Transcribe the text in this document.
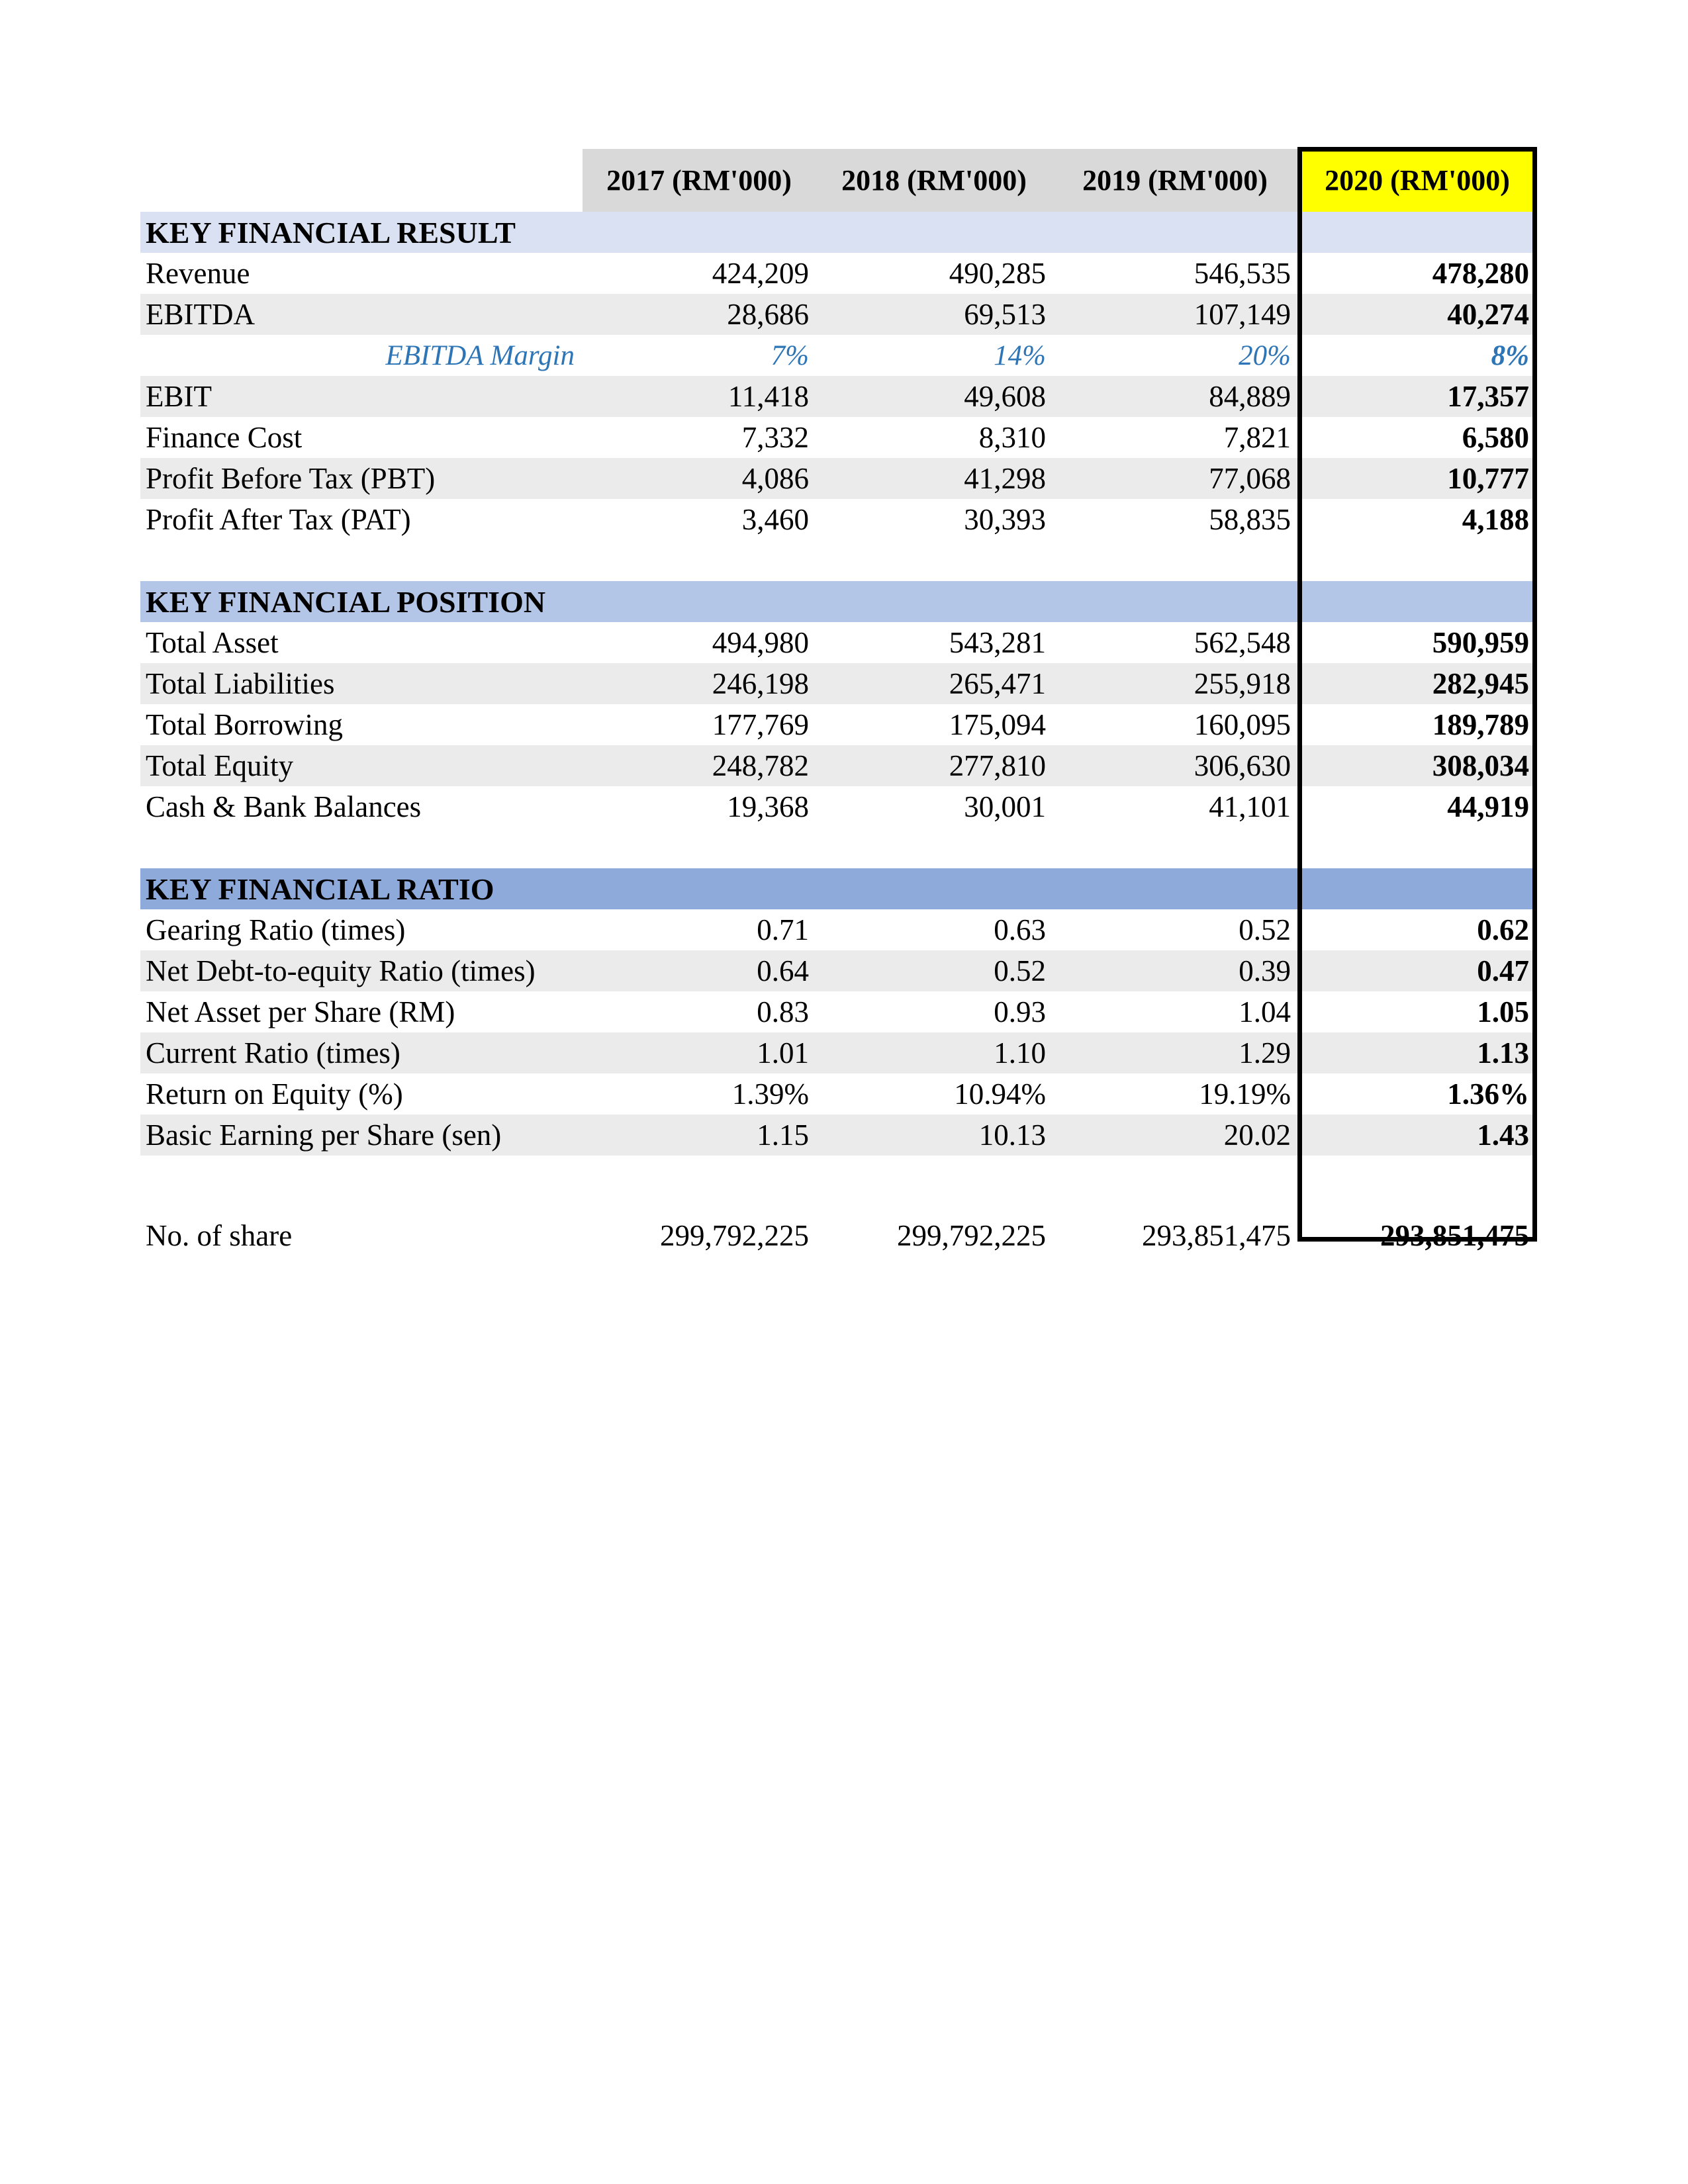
2017 (RM'000)	2018 (RM'000)	2019 (RM'000)	2020 (RM'000)
KEY FINANCIAL RESULT
Revenue	424,209	490,285	546,535	478,280
EBITDA	28,686	69,513	107,149	40,274
EBITDA Margin	7%	14%	20%	8%
EBIT	11,418	49,608	84,889	17,357
Finance Cost	7,332	8,310	7,821	6,580
Profit Before Tax (PBT)	4,086	41,298	77,068	10,777
Profit After Tax (PAT)	3,460	30,393	58,835	4,188
KEY FINANCIAL POSITION
Total Asset	494,980	543,281	562,548	590,959
Total Liabilities	246,198	265,471	255,918	282,945
Total Borrowing	177,769	175,094	160,095	189,789
Total Equity	248,782	277,810	306,630	308,034
Cash & Bank Balances	19,368	30,001	41,101	44,919
KEY FINANCIAL RATIO
Gearing Ratio (times)	0.71	0.63	0.52	0.62
Net Debt-to-equity Ratio (times)	0.64	0.52	0.39	0.47
Net Asset per Share (RM)	0.83	0.93	1.04	1.05
Current Ratio (times)	1.01	1.10	1.29	1.13
Return on Equity (%)	1.39%	10.94%	19.19%	1.36%
Basic Earning per Share (sen)	1.15	10.13	20.02	1.43
No. of share	299,792,225	299,792,225	293,851,475	293,851,475
